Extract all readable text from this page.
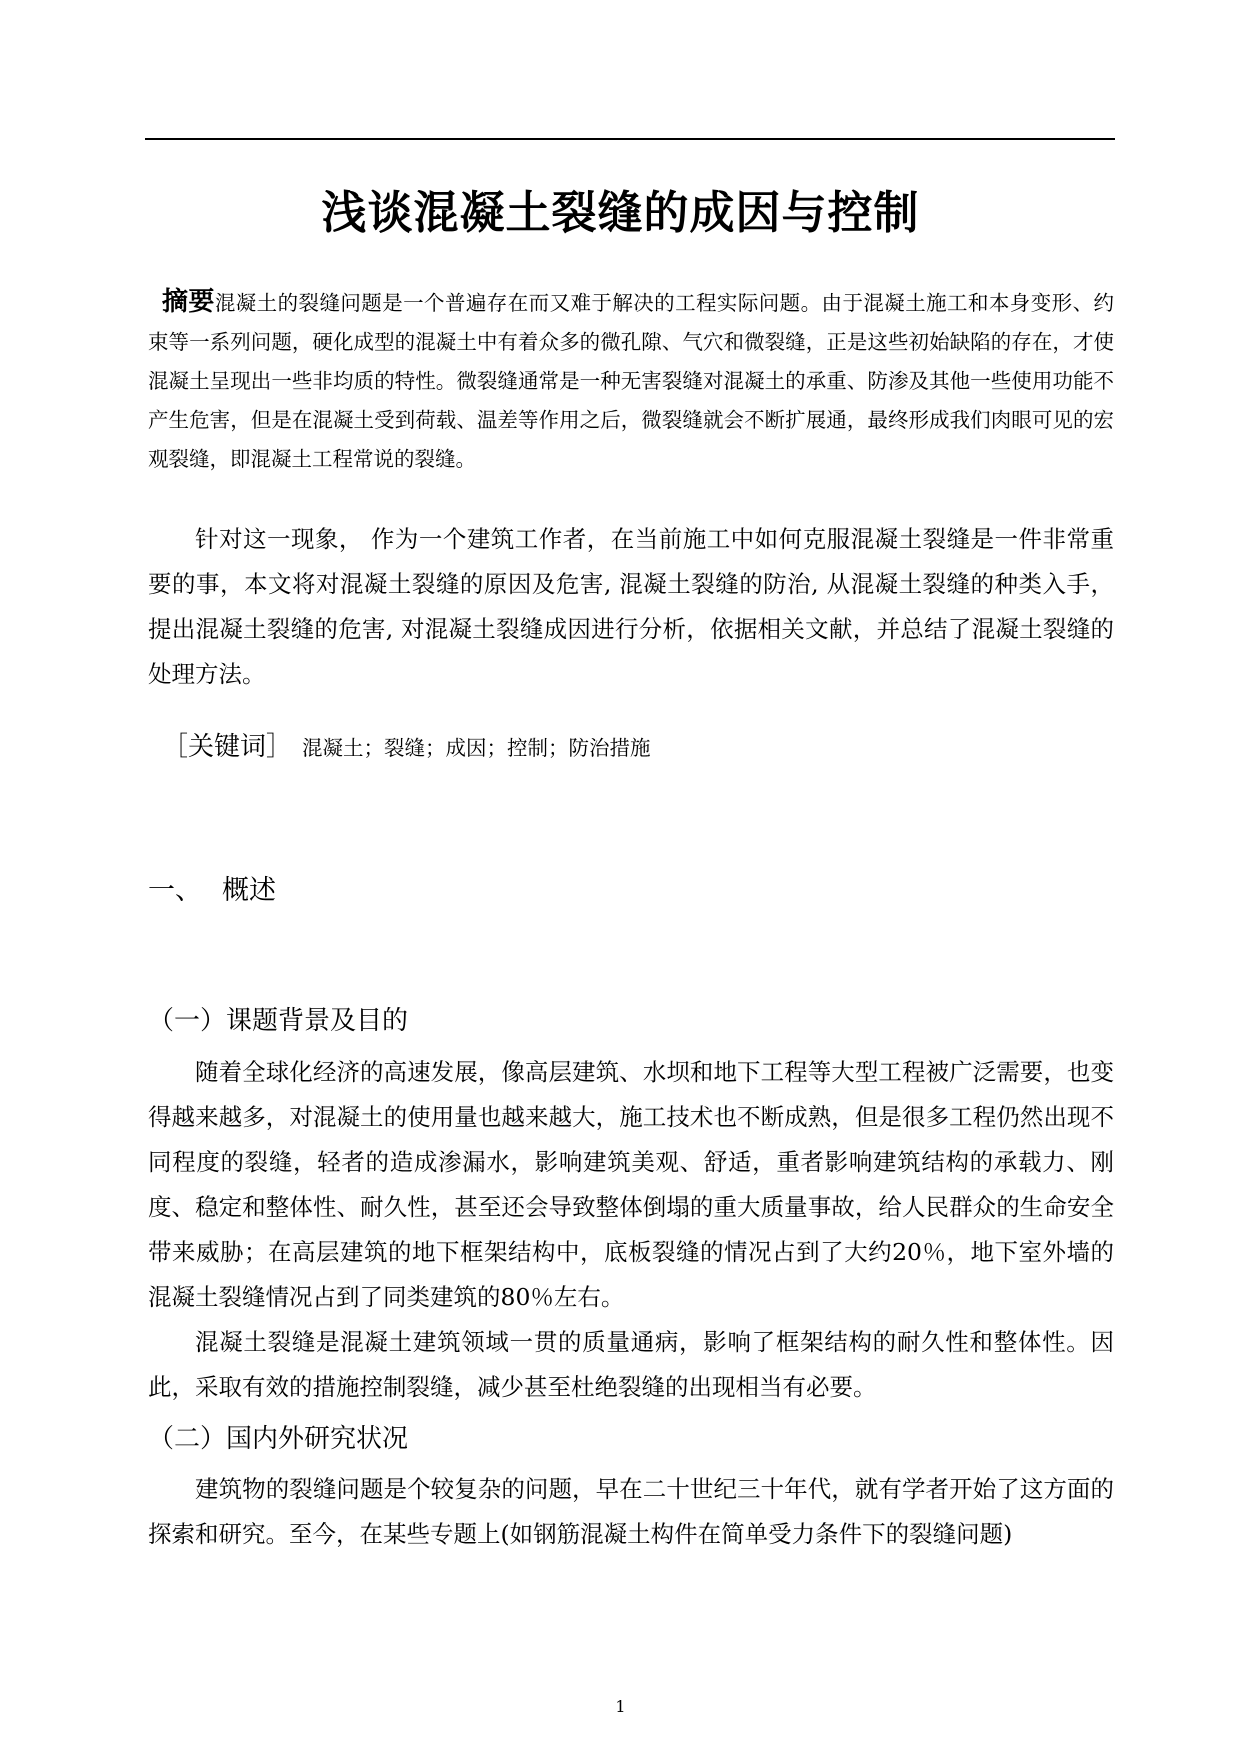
浅谈混凝土裂缝的成因与控制
摘要混凝土的裂缝问题是一个普遍存在而又难于解决的工程实际问题。由于混凝土施工和本身变形、约束等一系列问题，硬化成型的混凝土中有着众多的微孔隙、气穴和微裂缝，正是这些初始缺陷的存在，才使混凝土呈现出一些非均质的特性。微裂缝通常是一种无害裂缝对混凝土的承重、防渗及其他一些使用功能不产生危害，但是在混凝土受到荷载、温差等作用之后，微裂缝就会不断扩展通，最终形成我们肉眼可见的宏观裂缝，即混凝土工程常说的裂缝。
针对这一现象， 作为一个建筑工作者，在当前施工中如何克服混凝土裂缝是一件非常重要的事，本文将对混凝土裂缝的原因及危害, 混凝土裂缝的防治, 从混凝土裂缝的种类入手，提出混凝土裂缝的危害, 对混凝土裂缝成因进行分析，依据相关文献，并总结了混凝土裂缝的处理方法。
［关键词］ 混凝土；裂缝；成因；控制；防治措施
一、 概述
（一）课题背景及目的
随着全球化经济的高速发展，像高层建筑、水坝和地下工程等大型工程被广泛需要，也变得越来越多，对混凝土的使用量也越来越大，施工技术也不断成熟，但是很多工程仍然出现不同程度的裂缝，轻者的造成渗漏水，影响建筑美观、舒适，重者影响建筑结构的承载力、刚度、稳定和整体性、耐久性，甚至还会导致整体倒塌的重大质量事故，给人民群众的生命安全带来威胁；在高层建筑的地下框架结构中，底板裂缝的情况占到了大约20％，地下室外墙的混凝土裂缝情况占到了同类建筑的80％左右。
混凝土裂缝是混凝土建筑领域一贯的质量通病，影响了框架结构的耐久性和整体性。因此，采取有效的措施控制裂缝，减少甚至杜绝裂缝的出现相当有必要。
（二）国内外研究状况
建筑物的裂缝问题是个较复杂的问题，早在二十世纪三十年代，就有学者开始了这方面的探索和研究。至今，在某些专题上(如钢筋混凝土构件在简单受力条件下的裂缝问题)
1
